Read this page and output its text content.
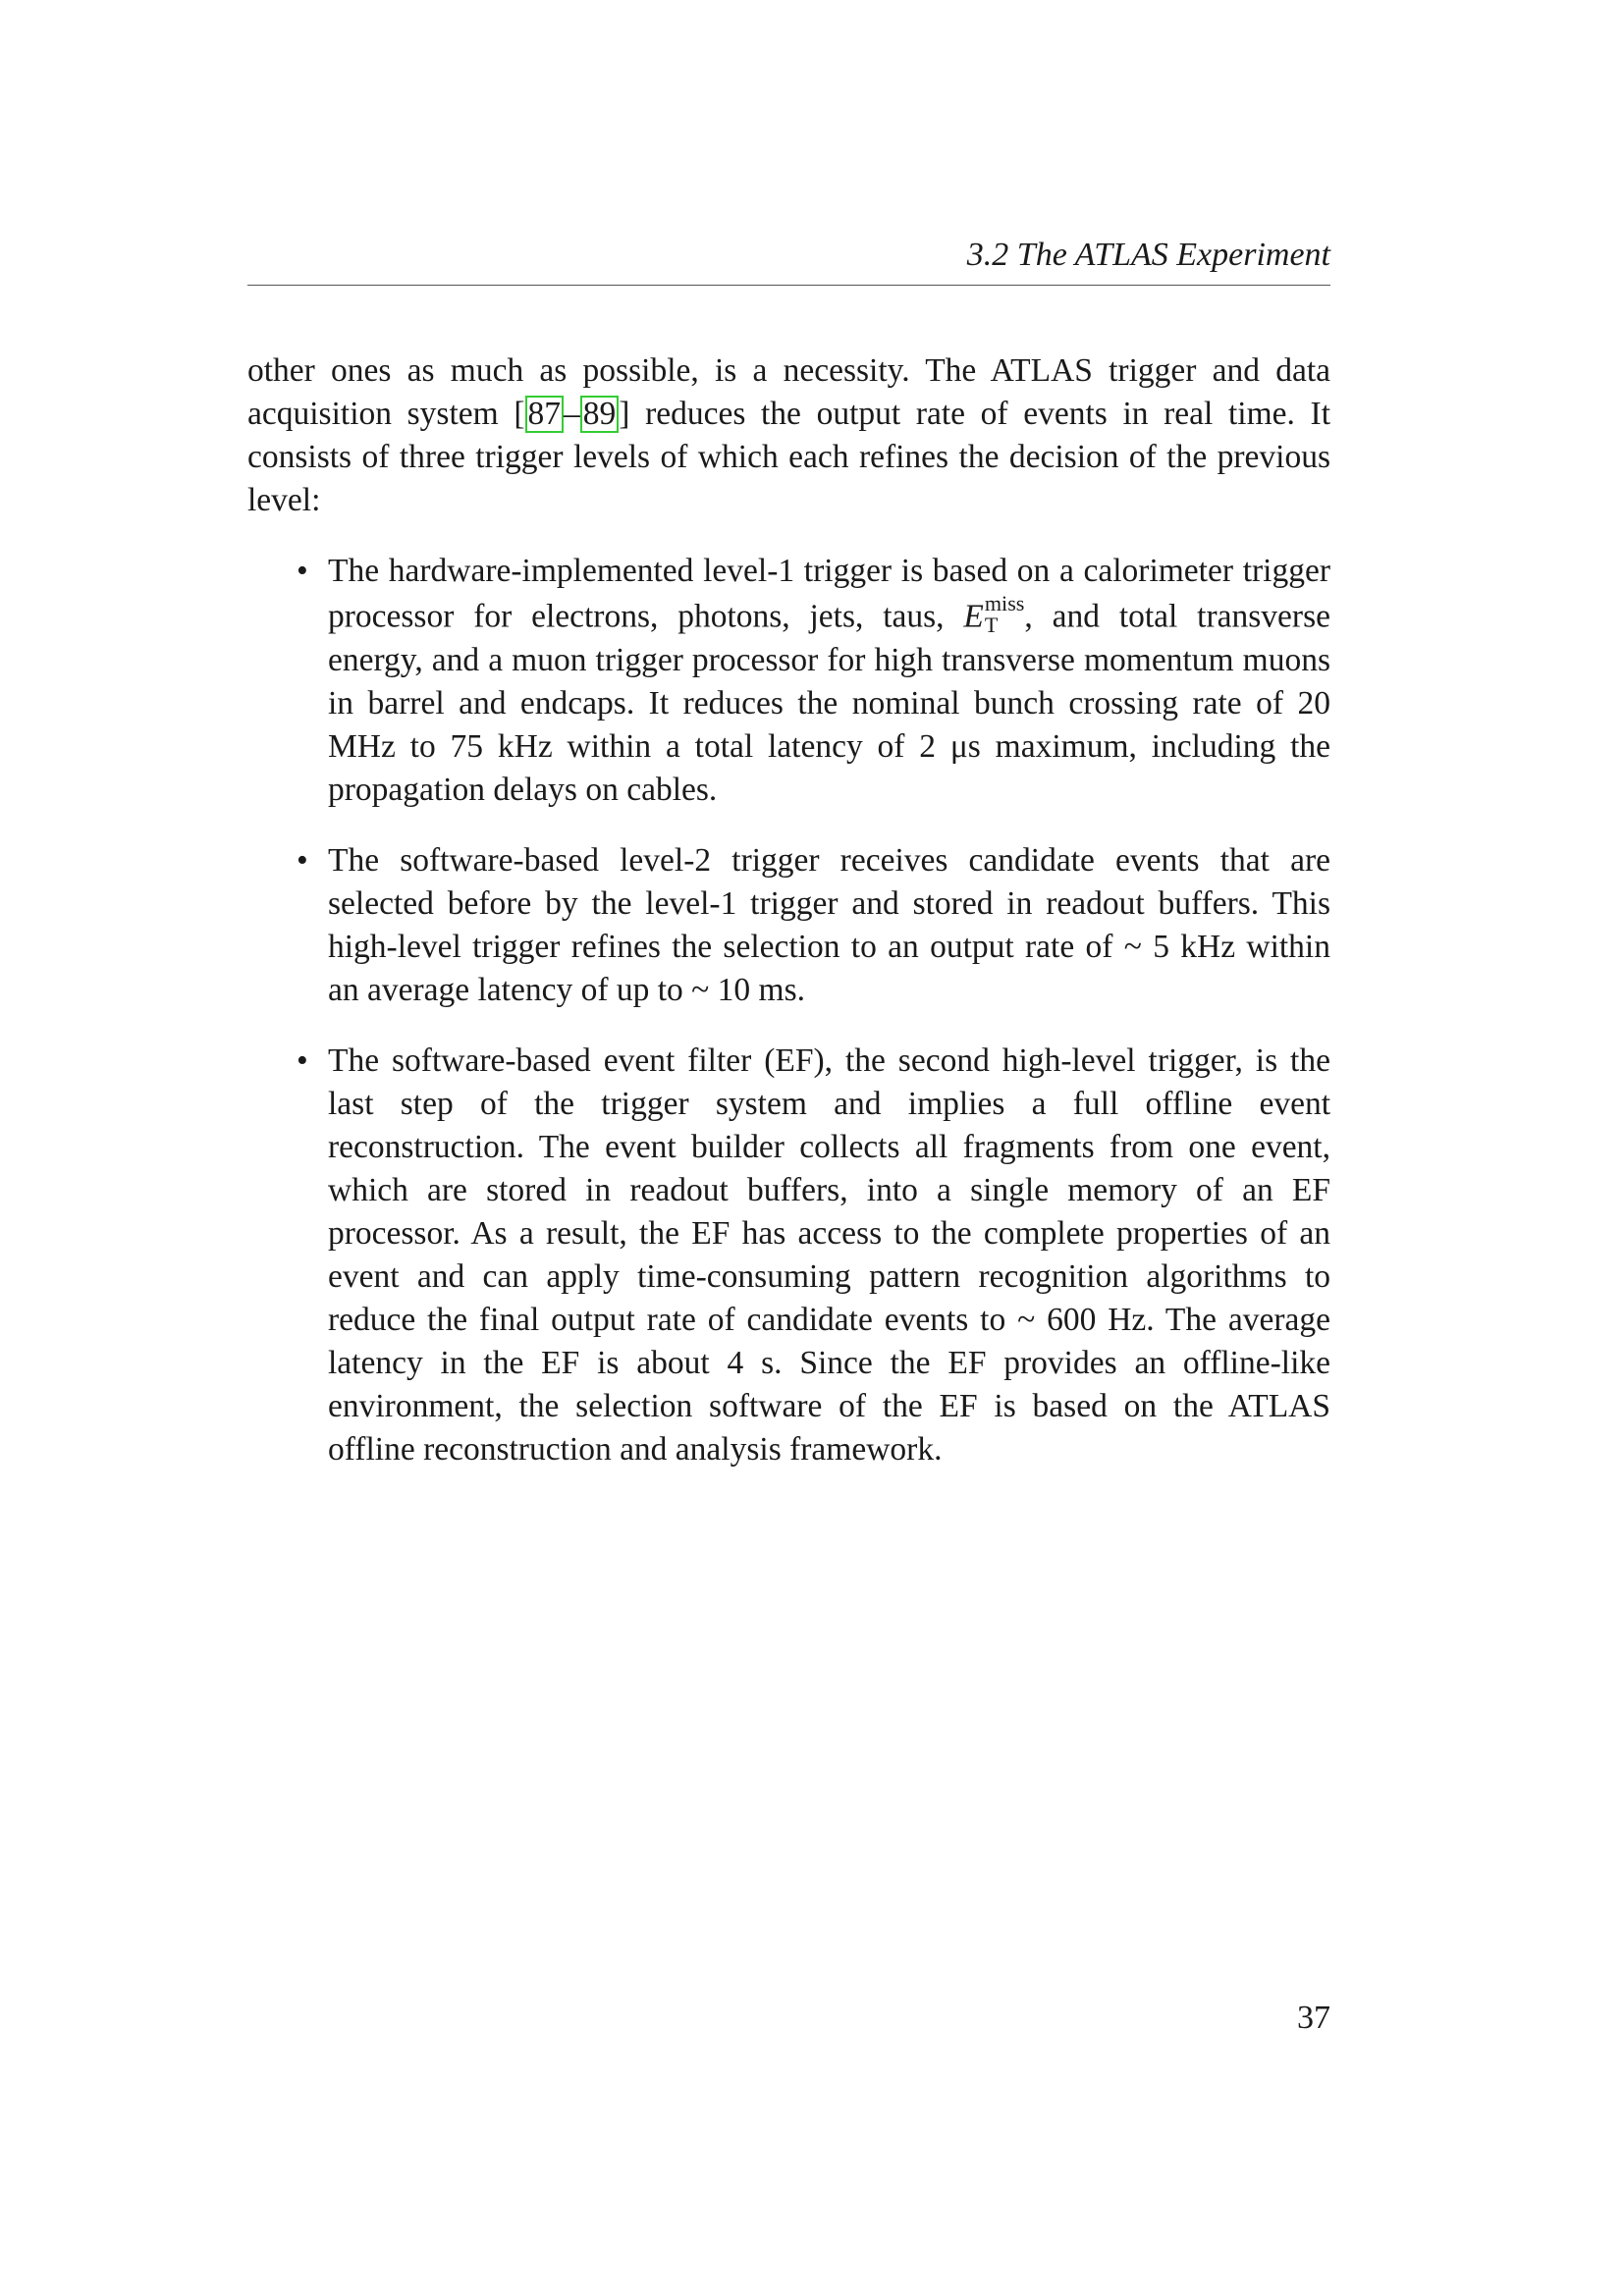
3.2 The ATLAS Experiment

other ones as much as possible, is a necessity. The ATLAS trigger and data acquisition system [87–89] reduces the output rate of events in real time. It consists of three trigger levels of which each refines the decision of the previous level:

• The hardware-implemented level-1 trigger is based on a calorimeter trigger processor for electrons, photons, jets, taus, E miss
T , and total transverse energy, and a muon trigger processor for high transverse momentum muons in barrel and endcaps. It reduces the nominal bunch crossing rate of 20 MHz to 75 kHz within a total latency of 2 μs maximum, including the propagation delays on cables.
• The software-based level-2 trigger receives candidate events that are selected before by the level-1 trigger and stored in readout buffers. This high-level trigger refines the selection to an output rate of ~ 5 kHz within an average latency of up to ~ 10 ms.
• The software-based event filter (EF), the second high-level trigger, is the last step of the trigger system and implies a full offline event reconstruction. The event builder collects all fragments from one event, which are stored in readout buffers, into a single memory of an EF processor. As a result, the EF has access to the complete properties of an event and can apply time-consuming pattern recognition algorithms to reduce the final output rate of candidate events to ~ 600 Hz. The average latency in the EF is about 4 s. Since the EF provides an offline-like environment, the selection software of the EF is based on the ATLAS offline reconstruction and analysis framework.
37
